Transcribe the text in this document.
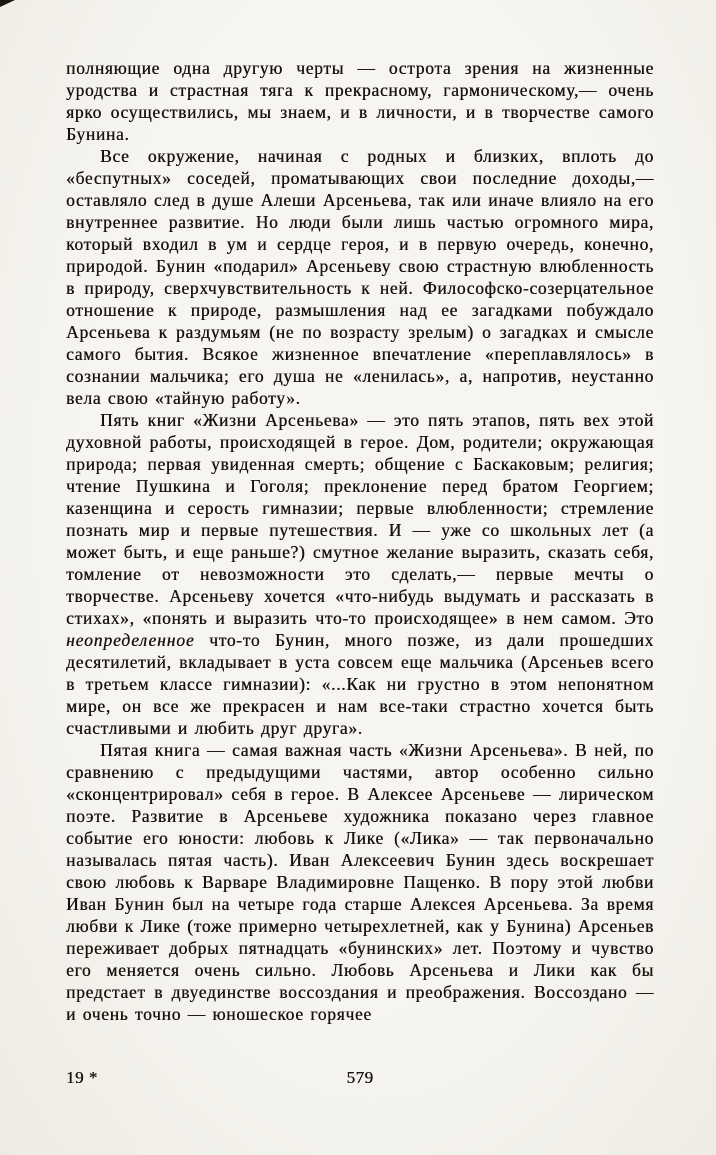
полняющие одна другую черты — острота зрения на жизненные уродства и страстная тяга к прекрасному, гармоническому,— очень ярко осуществились, мы знаем, и в личности, и в творчестве самого Бунина.

Все окружение, начиная с родных и близких, вплоть до «беспутных» соседей, проматывающих свои последние доходы,— оставляло след в душе Алеши Арсеньева, так или иначе влияло на его внутреннее развитие. Но люди были лишь частью огромного мира, который входил в ум и сердце героя, и в первую очередь, конечно, природой. Бунин «подарил» Арсеньеву свою страстную влюбленность в природу, сверхчувствительность к ней. Философско-созерцательное отношение к природе, размышления над ее загадками побуждало Арсеньева к раздумьям (не по возрасту зрелым) о загадках и смысле самого бытия. Всякое жизненное впечатление «переплавлялось» в сознании мальчика; его душа не «ленилась», а, напротив, неустанно вела свою «тайную работу».

Пять книг «Жизни Арсеньева» — это пять этапов, пять вех этой духовной работы, происходящей в герое. Дом, родители; окружающая природа; первая увиденная смерть; общение с Баскаковым; религия; чтение Пушкина и Гоголя; преклонение перед братом Георгием; казенщина и серость гимназии; первые влюбленности; стремление познать мир и первые путешествия. И — уже со школьных лет (а может быть, и еще раньше?) смутное желание выразить, сказать себя, томление от невозможности это сделать,— первые мечты о творчестве. Арсеньеву хочется «что-нибудь выдумать и рассказать в стихах», «понять и выразить что-то происходящее» в нем самом. Это неопределенное что-то Бунин, много позже, из дали прошедших десятилетий, вкладывает в уста совсем еще мальчика (Арсеньев всего в третьем классе гимназии): «...Как ни грустно в этом непонятном мире, он все же прекрасен и нам все-таки страстно хочется быть счастливыми и любить друг друга».

Пятая книга — самая важная часть «Жизни Арсеньева». В ней, по сравнению с предыдущими частями, автор особенно сильно «сконцентрировал» себя в герое. В Алексее Арсеньеве — лирическом поэте. Развитие в Арсеньеве художника показано через главное событие его юности: любовь к Лике («Лика» — так первоначально называлась пятая часть). Иван Алексеевич Бунин здесь воскрешает свою любовь к Варваре Владимировне Пащенко. В пору этой любви Иван Бунин был на четыре года старше Алексея Арсеньева. За время любви к Лике (тоже примерно четырехлетней, как у Бунина) Арсеньев переживает добрых пятнадцать «бунинских» лет. Поэтому и чувство его меняется очень сильно. Любовь Арсеньева и Лики как бы предстает в двуединстве воссоздания и преображения. Воссоздано — и очень точно — юношеское горячее

19 *	579
